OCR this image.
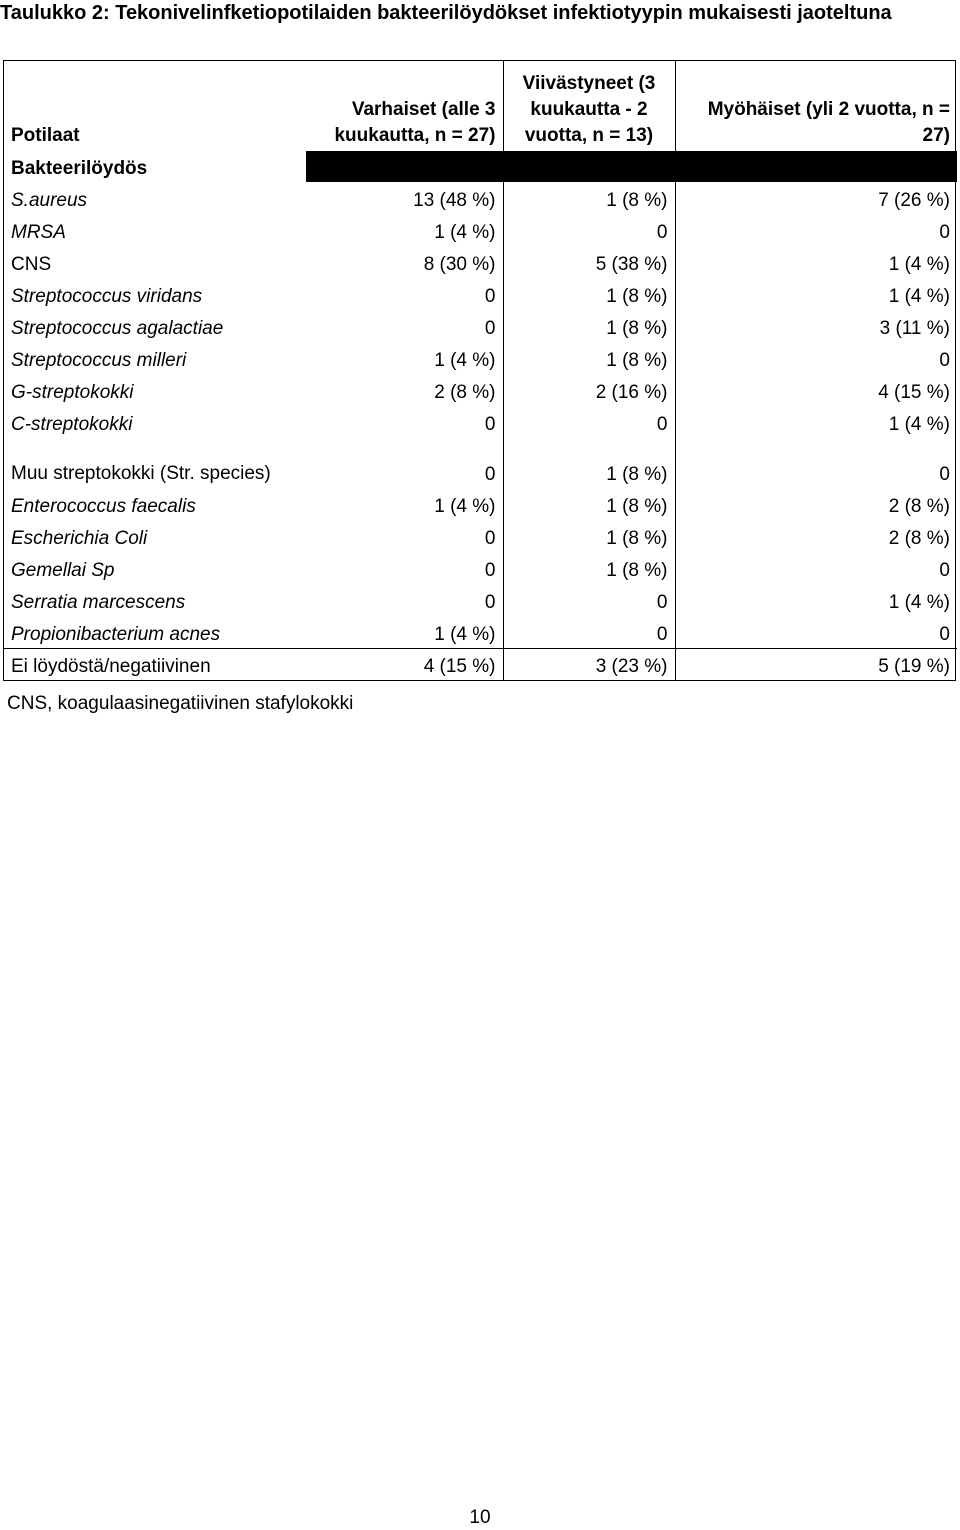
Taulukko 2: Tekonivelinfketiopotilaiden bakteerilöydökset infektiotyypin mukaisesti jaoteltuna
Potilaat	Varhaiset (alle 3 kuukautta, n = 27)	Viivästyneet (3 kuukautta - 2 vuotta, n = 13)	Myöhäiset (yli 2 vuotta, n = 27)
Bakteerilöydös			
S.aureus	13 (48 %)	1 (8 %)	7 (26 %)
MRSA	1 (4 %)	0	0
CNS	8 (30 %)	5 (38 %)	1 (4 %)
Streptococcus viridans	0	1 (8 %)	1 (4 %)
Streptococcus agalactiae	0	1 (8 %)	3 (11 %)
Streptococcus milleri	1 (4 %)	1 (8 %)	0
G-streptokokki	2 (8 %)	2 (16 %)	4 (15 %)
C-streptokokki	0	0	1 (4 %)
Muu streptokokki (Str. species)	0	1 (8 %)	0
Enterococcus faecalis	1 (4 %)	1 (8 %)	2 (8 %)
Escherichia Coli	0	1 (8 %)	2 (8 %)
Gemellai Sp	0	1 (8 %)	0
Serratia marcescens	0	0	1 (4 %)
Propionibacterium acnes	1 (4 %)	0	0
Ei löydöstä/negatiivinen	4 (15 %)	3 (23 %)	5 (19 %)
CNS, koagulaasinegatiivinen stafylokokki
10
